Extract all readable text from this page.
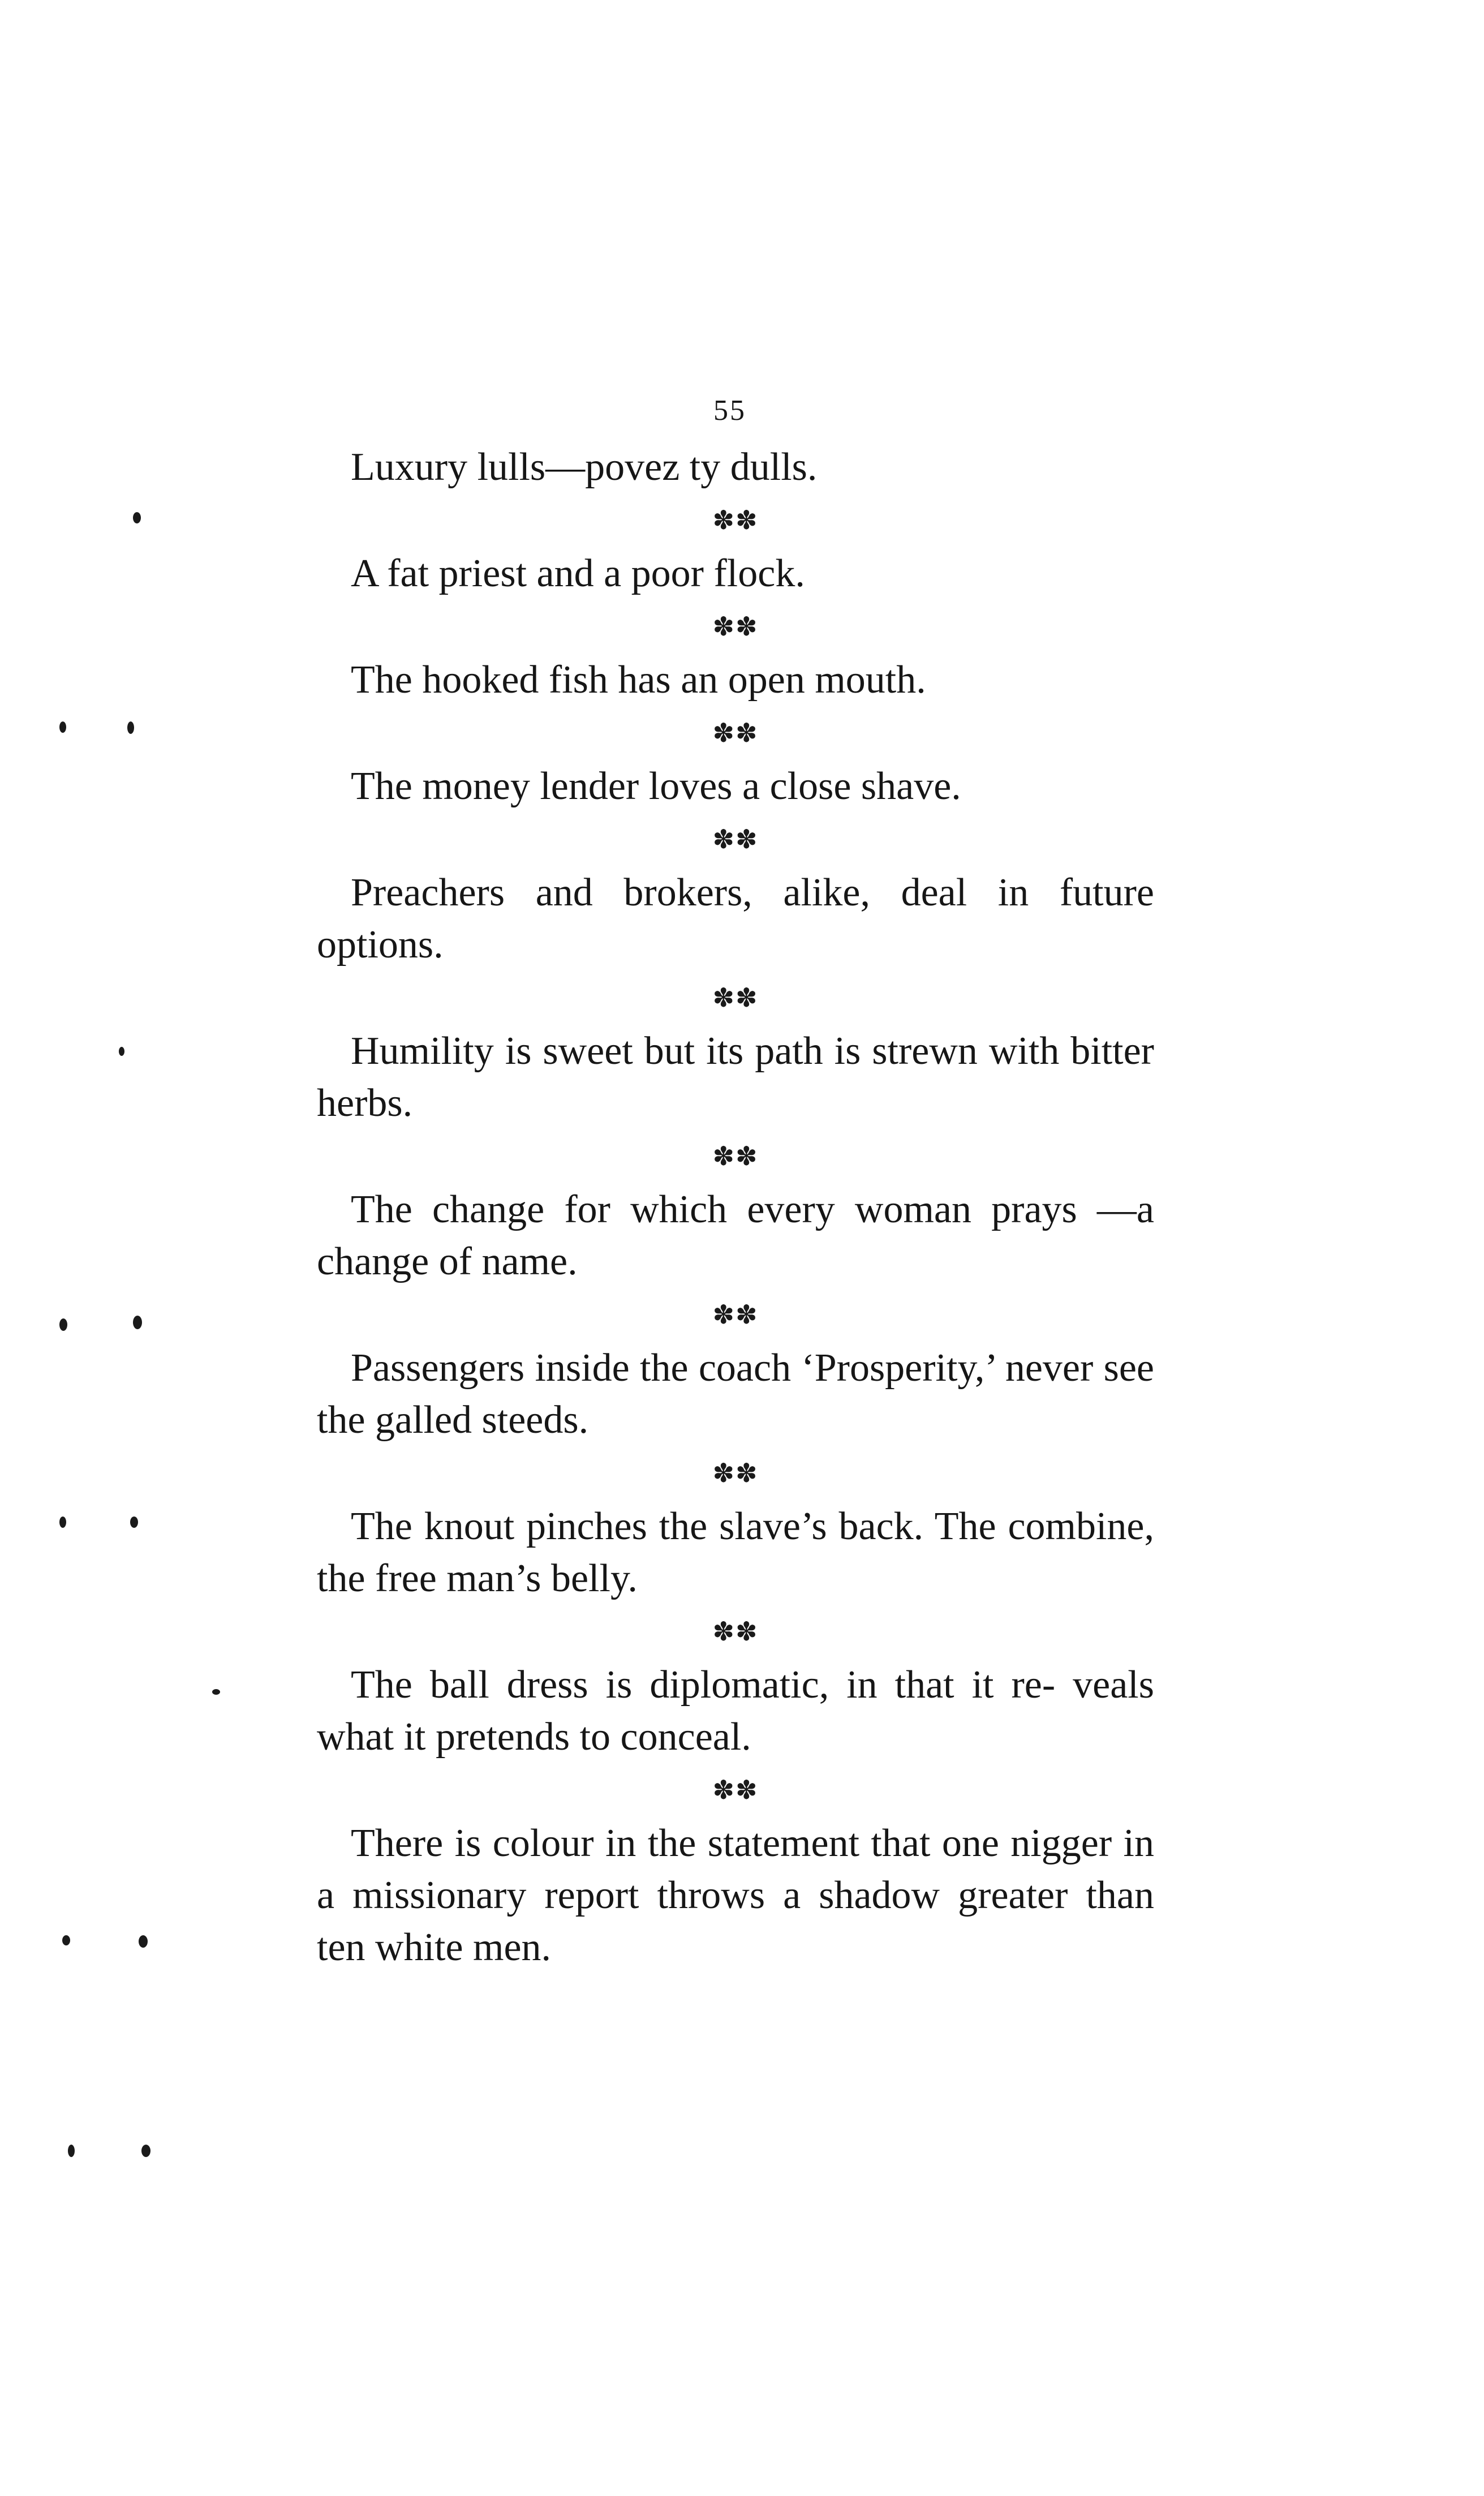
55

Luxury lulls—povez ty dulls.

✽✽

A fat priest and a poor flock.

✽✽

The hooked fish has an open mouth.

✽✽

The money lender loves a close shave.

✽✽

Preachers and brokers, alike, deal in future options.

✽✽

Humility is sweet but its path is strewn with bitter herbs.

✽✽

The change for which every woman prays —a change of name.

✽✽

Passengers inside the coach ‘Prosperity,’ never see the galled steeds.

✽✽

The knout pinches the slave’s back. The combine, the free man’s belly.

✽✽

The ball dress is diplomatic, in that it re- veals what it pretends to conceal.

✽✽

There is colour in the statement that one nigger in a missionary report throws a shadow greater than ten white men.
